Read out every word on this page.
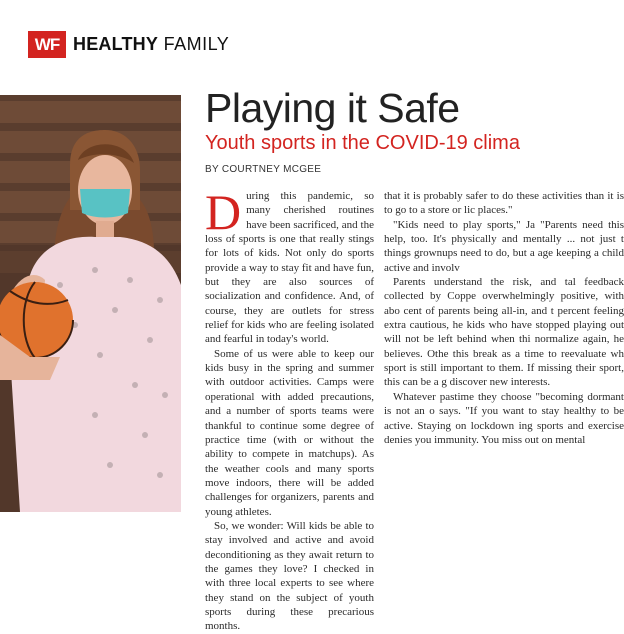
WF HEALTHY FAMILY
Playing it Safe
Youth sports in the COVID-19 clima
BY COURTNEY MCGEE

During this pandemic, so many cherished routines have been sacrificed, and the loss of sports is one that really stings for lots of kids. Not only do sports provide a way to stay fit and have fun, but they are also sources of socialization and confidence. And, of course, they are outlets for stress relief for kids who are feeling isolated and fearful in today's world.

Some of us were able to keep our kids busy in the spring and summer with outdoor activities. Camps were operational with added precautions, and a number of sports teams were thankful to continue some degree of practice time (with or without the ability to compete in matchups). As the weather cools and many sports move indoors, there will be added challenges for organizers, parents and young athletes.

So, we wonder: Will kids be able to stay involved and active and avoid deconditioning as they await return to the games they love? I checked in with three local experts to see where they stand on the subject of youth sports during these precarious months.

that it is probably safer to do these activities than it is to go to a store or lic places."

"Kids need to play sports," Ja "Parents need this help, too. It's physically and mentally ... not just t things grownups need to do, but a age keeping a child active and involv

Parents understand the risk, and tal feedback collected by Coppe overwhelmingly positive, with abo cent of parents being all-in, and t percent feeling extra cautious, he kids who have stopped playing out will not be left behind when thi normalize again, he believes. Othe this break as a time to reevaluate wh sport is still important to them. If missing their sport, this can be a g discover new interests.

Whatever pastime they choose "becoming dormant is not an o says. "If you want to stay healthy to be active. Staying on lockdown ing sports and exercise denies you immunity. You miss out on mental
